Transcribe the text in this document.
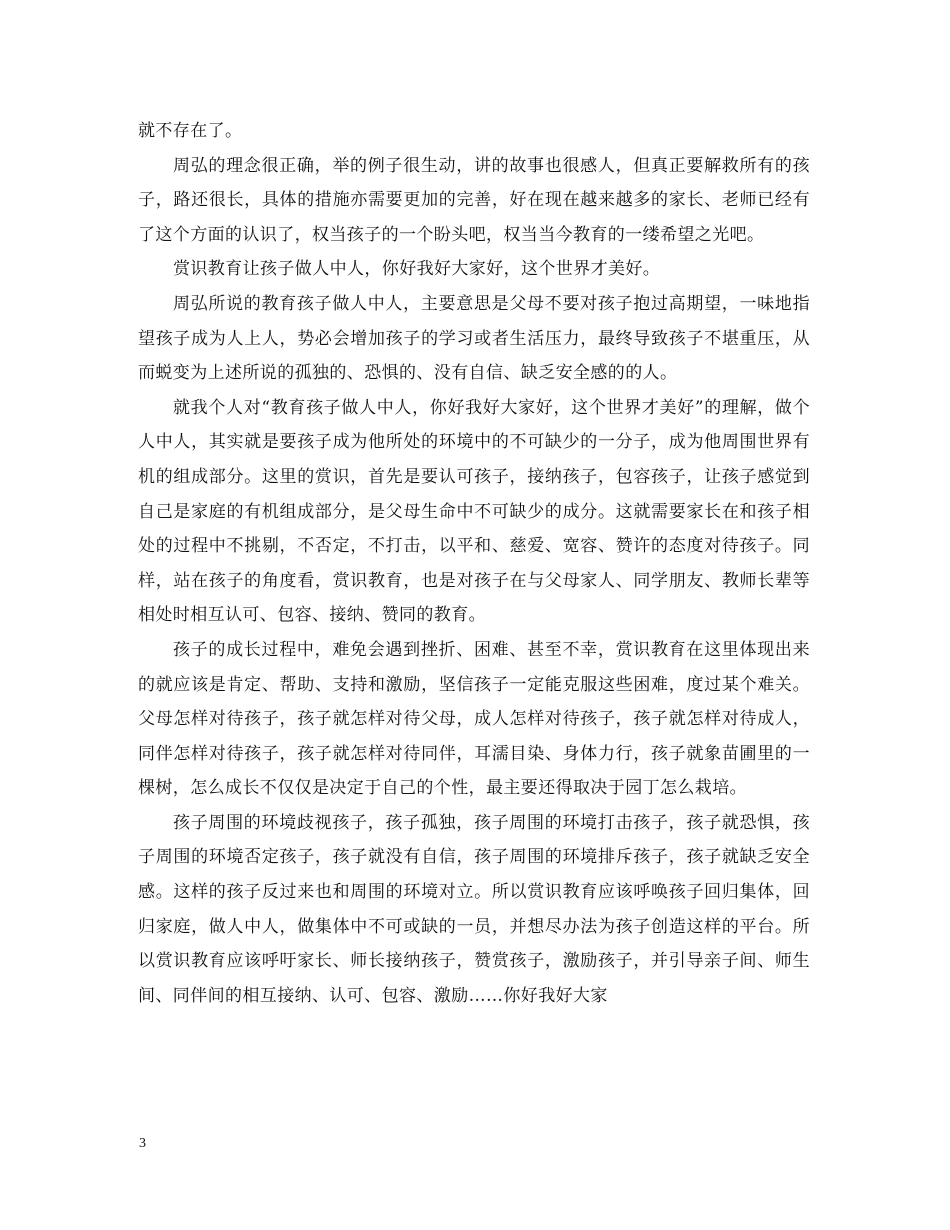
就不存在了。

周弘的理念很正确，举的例子很生动，讲的故事也很感人，但真正要解救所有的孩子，路还很长，具体的措施亦需要更加的完善，好在现在越来越多的家长、老师已经有了这个方面的认识了，权当孩子的一个盼头吧，权当当今教育的一缕希望之光吧。

赏识教育让孩子做人中人，你好我好大家好，这个世界才美好。

周弘所说的教育孩子做人中人，主要意思是父母不要对孩子抱过高期望，一味地指望孩子成为人上人，势必会增加孩子的学习或者生活压力，最终导致孩子不堪重压，从而蜕变为上述所说的孤独的、恐惧的、没有自信、缺乏安全感的的人。

就我个人对“教育孩子做人中人，你好我好大家好，这个世界才美好”的理解，做个人中人，其实就是要孩子成为他所处的环境中的不可缺少的一分子，成为他周围世界有机的组成部分。这里的赏识，首先是要认可孩子，接纳孩子，包容孩子，让孩子感觉到自己是家庭的有机组成部分，是父母生命中不可缺少的成分。这就需要家长在和孩子相处的过程中不挑剔，不否定，不打击，以平和、慈爱、宽容、赞许的态度对待孩子。同样，站在孩子的角度看，赏识教育，也是对孩子在与父母家人、同学朋友、教师长辈等相处时相互认可、包容、接纳、赞同的教育。

孩子的成长过程中，难免会遇到挫折、困难、甚至不幸，赏识教育在这里体现出来的就应该是肯定、帮助、支持和激励，坚信孩子一定能克服这些困难，度过某个难关。父母怎样对待孩子，孩子就怎样对待父母，成人怎样对待孩子，孩子就怎样对待成人，同伴怎样对待孩子，孩子就怎样对待同伴，耳濡目染、身体力行，孩子就象苗圃里的一棵树，怎么成长不仅仅是决定于自己的个性，最主要还得取决于园丁怎么栽培。

孩子周围的环境歧视孩子，孩子孤独，孩子周围的环境打击孩子，孩子就恐惧，孩子周围的环境否定孩子，孩子就没有自信，孩子周围的环境排斥孩子，孩子就缺乏安全感。这样的孩子反过来也和周围的环境对立。所以赏识教育应该呼唤孩子回归集体，回归家庭，做人中人，做集体中不可或缺的一员，并想尽办法为孩子创造这样的平台。所以赏识教育应该呼吁家长、师长接纳孩子，赞赏孩子，激励孩子，并引导亲子间、师生间、同伴间的相互接纳、认可、包容、激励……你好我好大家

3
